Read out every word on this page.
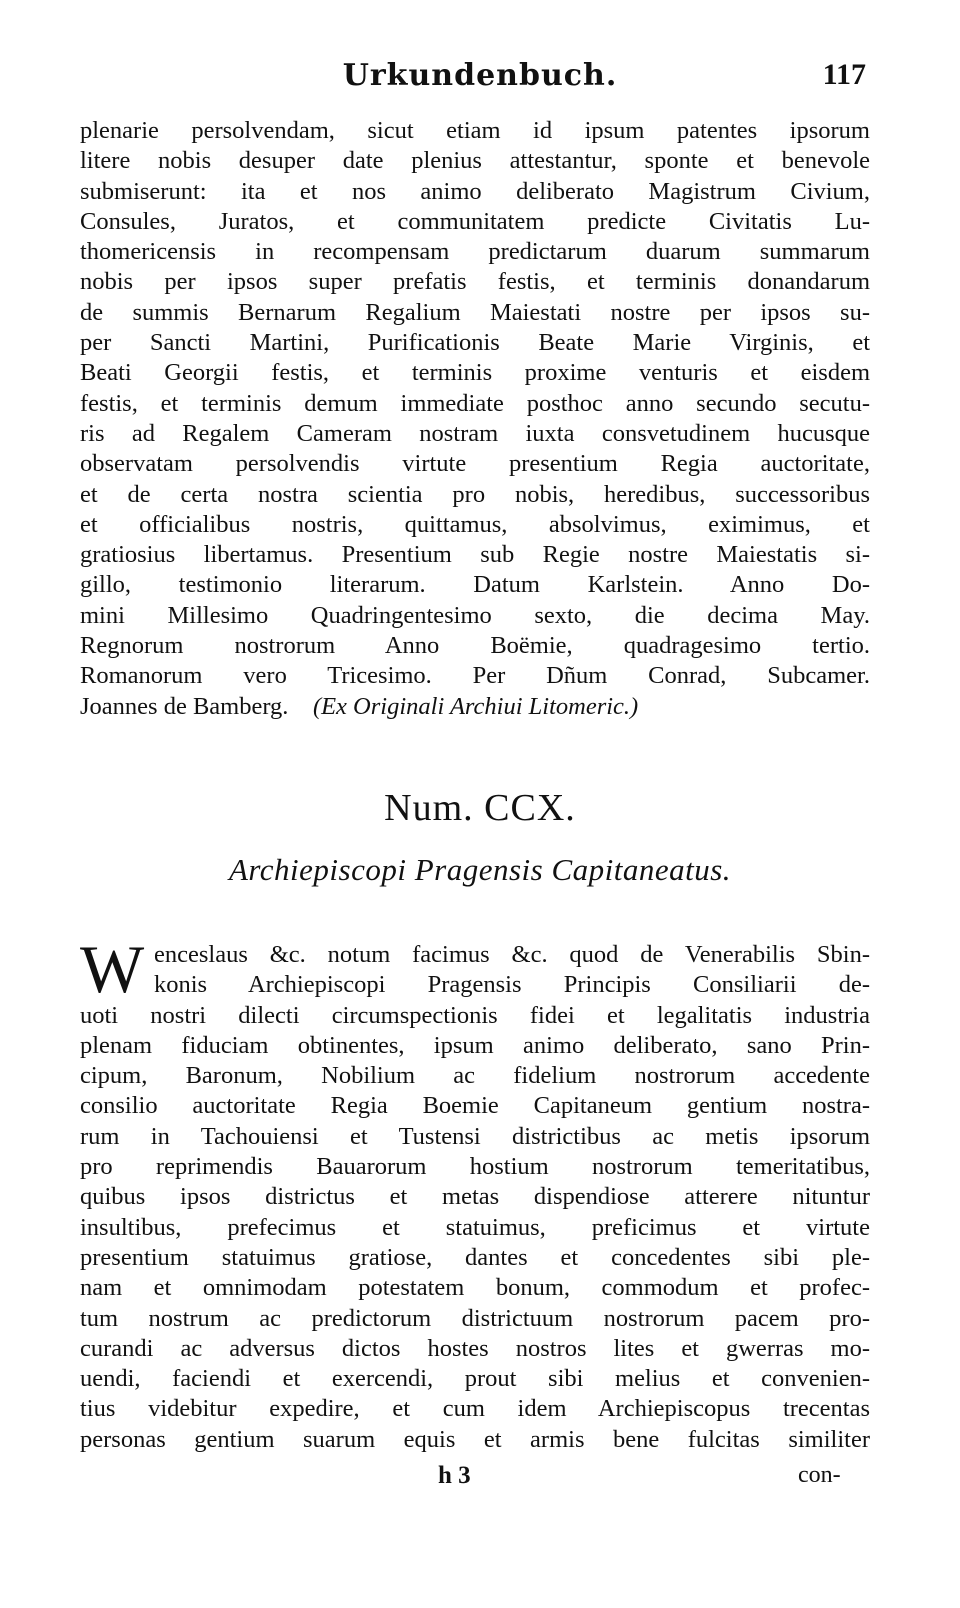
Urkundenbuch.	117
plenarie persolvendam, sicut etiam id ipsum patentes ipsorum
litere nobis desuper date plenius attestantur, sponte et benevole
submiserunt: ita et nos animo deliberato Magistrum Civium,
Consules, Juratos, et communitatem predicte Civitatis Lu-
thomericensis in recompensam predictarum duarum summarum
nobis per ipsos super prefatis festis, et terminis donandarum
de summis Bernarum Regalium Maiestati nostre per ipsos su-
per Sancti Martini, Purificationis Beate Marie Virginis, et
Beati Georgii festis, et terminis proxime venturis et eisdem
festis, et terminis demum immediate posthoc anno secundo secutu-
ris ad Regalem Cameram nostram iuxta consvetudinem hucusque
observatam persolvendis virtute presentium Regia auctoritate,
et de certa nostra scientia pro nobis, heredibus, successoribus
et officialibus nostris, quittamus, absolvimus, eximimus, et
gratiosius libertamus. Presentium sub Regie nostre Maiestatis si-
gillo, testimonio literarum. Datum Karlstein. Anno Do-
mini Millesimo Quadringentesimo sexto, die decima May.
Regnorum nostrorum Anno Boëmie, quadragesimo tertio.
Romanorum vero Tricesimo. Per Dñum Conrad, Subcamer.
Joannes de Bamberg. (Ex Originali Archiui Litomeric.)
Num. CCX.
Archiepiscopi Pragensis Capitaneatus.
W enceslaus &c. notum facimus &c. quod de Venerabilis Sbin-
konis Archiepiscopi Pragensis Principis Consiliarii de-
uoti nostri dilecti circumspectionis fidei et legalitatis industria
plenam fiduciam obtinentes, ipsum animo deliberato, sano Prin-
cipum, Baronum, Nobilium ac fidelium nostrorum accedente
consilio auctoritate Regia Boemie Capitaneum gentium nostra-
rum in Tachouiensi et Tustensi districtibus ac metis ipsorum
pro reprimendis Bauarorum hostium nostrorum temeritatibus,
quibus ipsos districtus et metas dispendiose atterere nituntur
insultibus, prefecimus et statuimus, preficimus et virtute
presentium statuimus gratiose, dantes et concedentes sibi ple-
nam et omnimodam potestatem bonum, commodum et profec-
tum nostrum ac predictorum districtuum nostrorum pacem pro-
curandi ac adversus dictos hostes nostros lites et gwerras mo-
uendi, faciendi et exercendi, prout sibi melius et convenien-
tius videbitur expedire, et cum idem Archiepiscopus trecentas
personas gentium suarum equis et armis bene fulcitas similiter
h 3	con-
